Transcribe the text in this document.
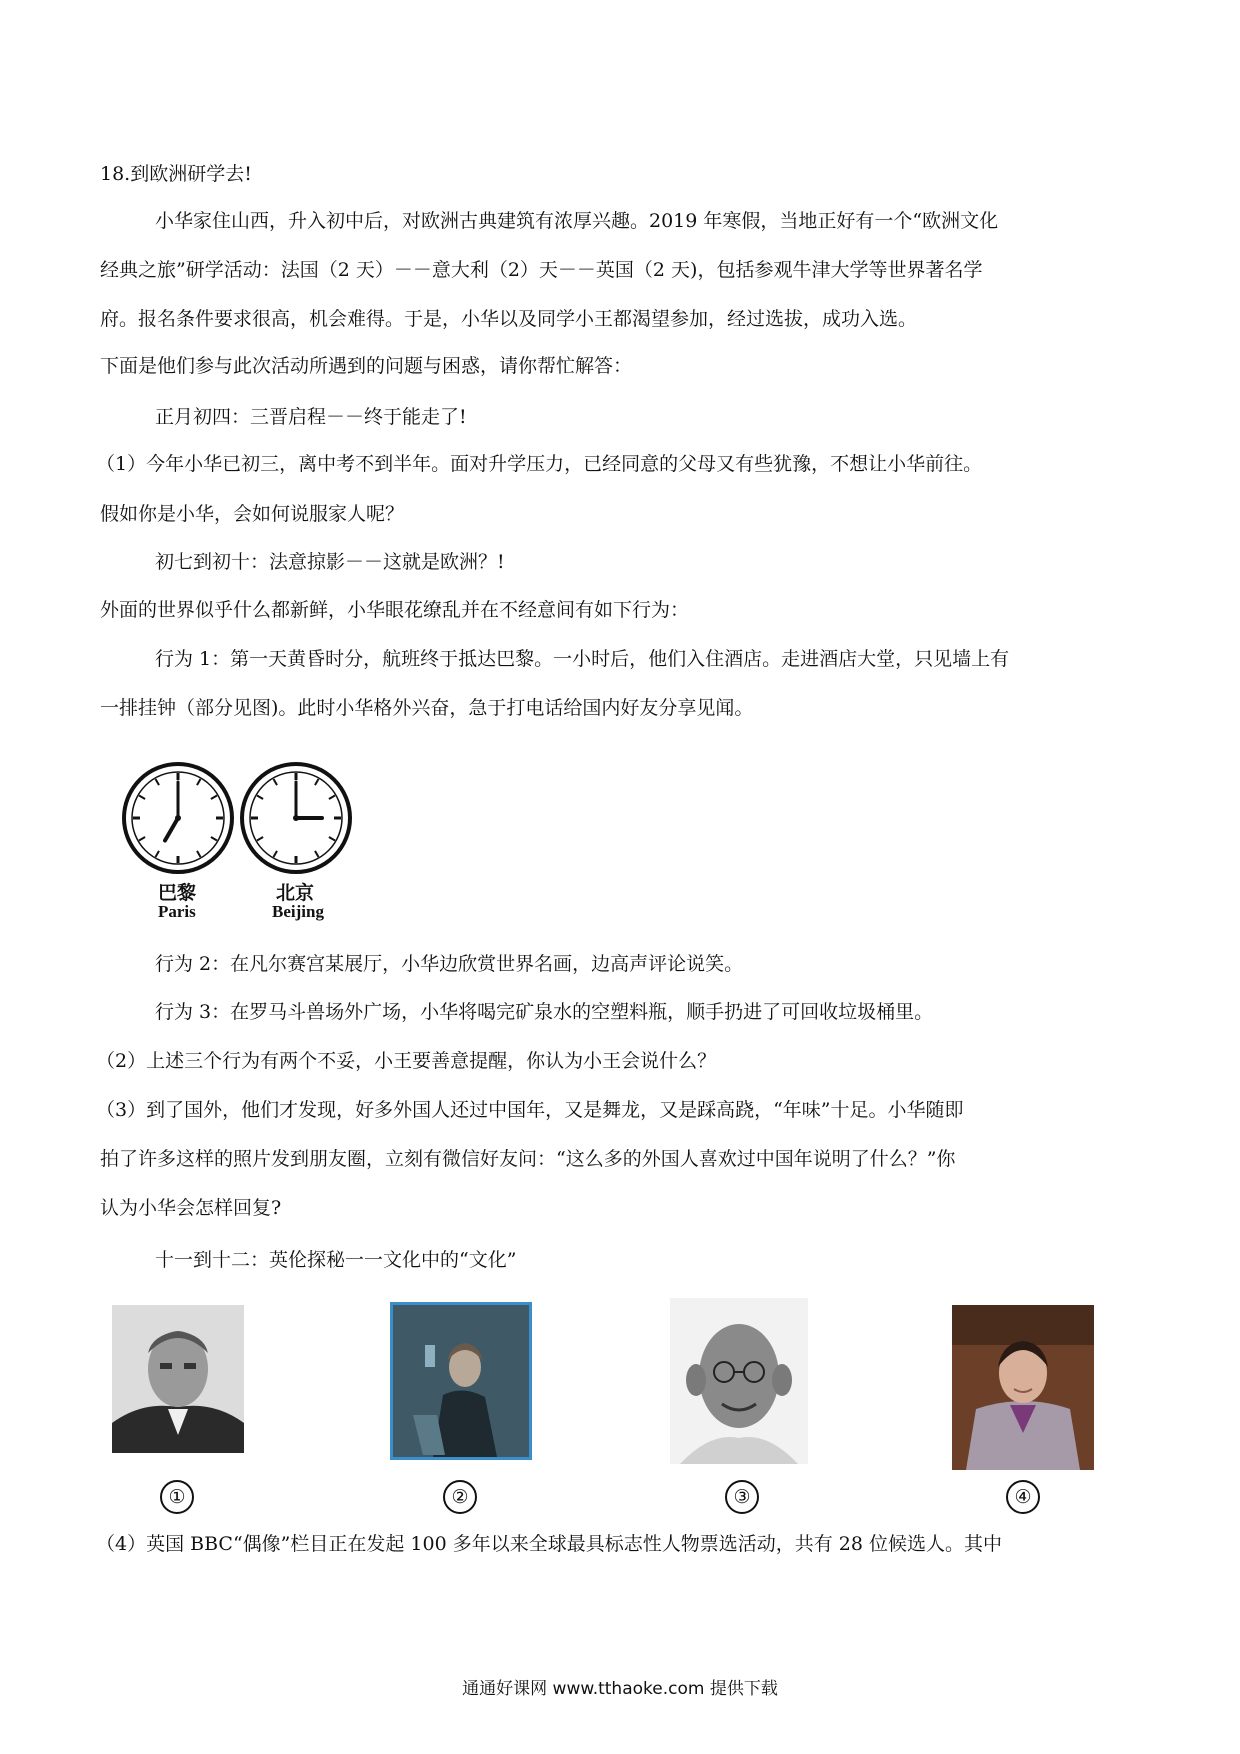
18.到欧洲研学去!
小华家住山西，升入初中后，对欧洲古典建筑有浓厚兴趣。2019 年寒假，当地正好有一个“欧洲文化
经典之旅”研学活动：法国（2 天）－－意大利（2）天－－英国（2 天)，包括参观牛津大学等世界著名学
府。报名条件要求很高，机会难得。于是，小华以及同学小王都渴望参加，经过选拔，成功入选。
下面是他们参与此次活动所遇到的问题与困惑，请你帮忙解答：
正月初四：三晋启程－－终于能走了!
（1）今年小华已初三，离中考不到半年。面对升学压力，已经同意的父母又有些犹豫，不想让小华前往。
假如你是小华，会如何说服家人呢？
初七到初十：法意掠影－－这就是欧洲？!
外面的世界似乎什么都新鲜，小华眼花缭乱并在不经意间有如下行为：
行为 1：第一天黄昏时分，航班终于抵达巴黎。一小时后，他们入住酒店。走进酒店大堂，只见墙上有
一排挂钟（部分见图)。此时小华格外兴奋，急于打电话给国内好友分享见闻。
巴黎
Paris
北京
Beijing
行为 2：在凡尔赛宫某展厅，小华边欣赏世界名画，边高声评论说笑。
行为 3：在罗马斗兽场外广场，小华将喝完矿泉水的空塑料瓶，顺手扔进了可回收垃圾桶里。
（2）上述三个行为有两个不妥，小王要善意提醒，你认为小王会说什么？
（3）到了国外，他们才发现，好多外国人还过中国年，又是舞龙，又是踩高跷，“年味”十足。小华随即
拍了许多这样的照片发到朋友圈，立刻有微信好友问：“这么多的外国人喜欢过中国年说明了什么？”你
认为小华会怎样回复?
十一到十二：英伦探秘一一文化中的“文化”
①	②	③	④
（4）英国 BBC“偶像”栏目正在发起 100 多年以来全球最具标志性人物票选活动，共有 28 位候选人。其中
通通好课网 www.tthaoke.com 提供下载
